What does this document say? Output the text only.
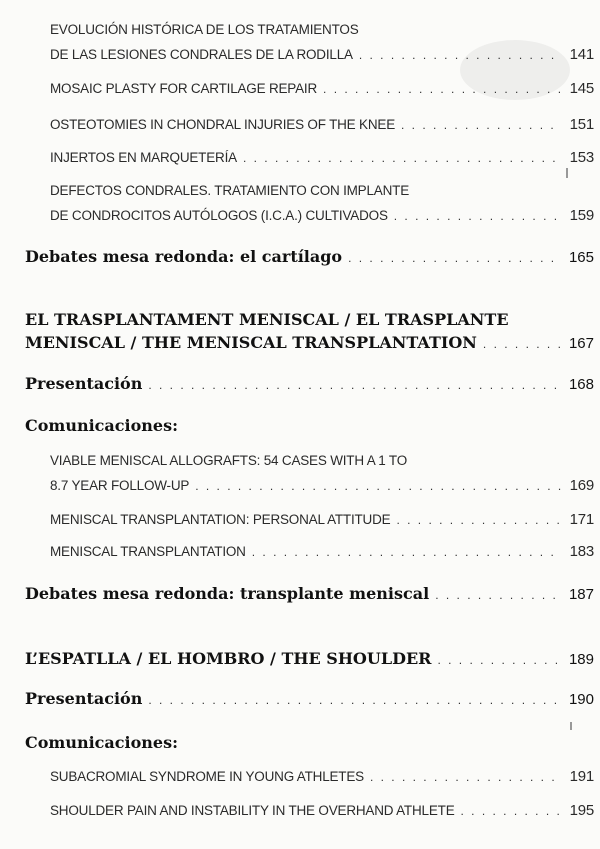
EVOLUCIÓN HISTÓRICA DE LOS TRATAMIENTOS
DE LAS LESIONES CONDRALES DE LA RODILLA . . .	141
MOSAIC PLASTY FOR CARTILAGE REPAIR . . .	145
OSTEOTOMIES IN CHONDRAL INJURIES OF THE KNEE . . .	151
INJERTOS EN MARQUETERÍA . . .	153
DEFECTOS CONDRALES. TRATAMIENTO CON IMPLANTE
DE CONDROCITOS AUTÓLOGOS (I.C.A.) CULTIVADOS . . .	159
Debates mesa redonda: el cartílago . . .	165
EL TRASPLANTAMENT MENISCAL / EL TRASPLANTE
MENISCAL / THE MENISCAL TRANSPLANTATION . . .	167
Presentación . . .	168
Comunicaciones:
VIABLE MENISCAL ALLOGRAFTS: 54 CASES WITH A 1 TO
8.7 YEAR FOLLOW-UP . . .	169
MENISCAL TRANSPLANTATION: PERSONAL ATTITUDE . . .	171
MENISCAL TRANSPLANTATION . . .	183
Debates mesa redonda: transplante meniscal . . .	187
L’ESPATLLA / EL HOMBRO / THE SHOULDER . . .	189
Presentación . . .	190
Comunicaciones:
SUBACROMIAL SYNDROME IN YOUNG ATHLETES . . .	191
SHOULDER PAIN AND INSTABILITY IN THE OVERHAND ATHLETE . . .	195
